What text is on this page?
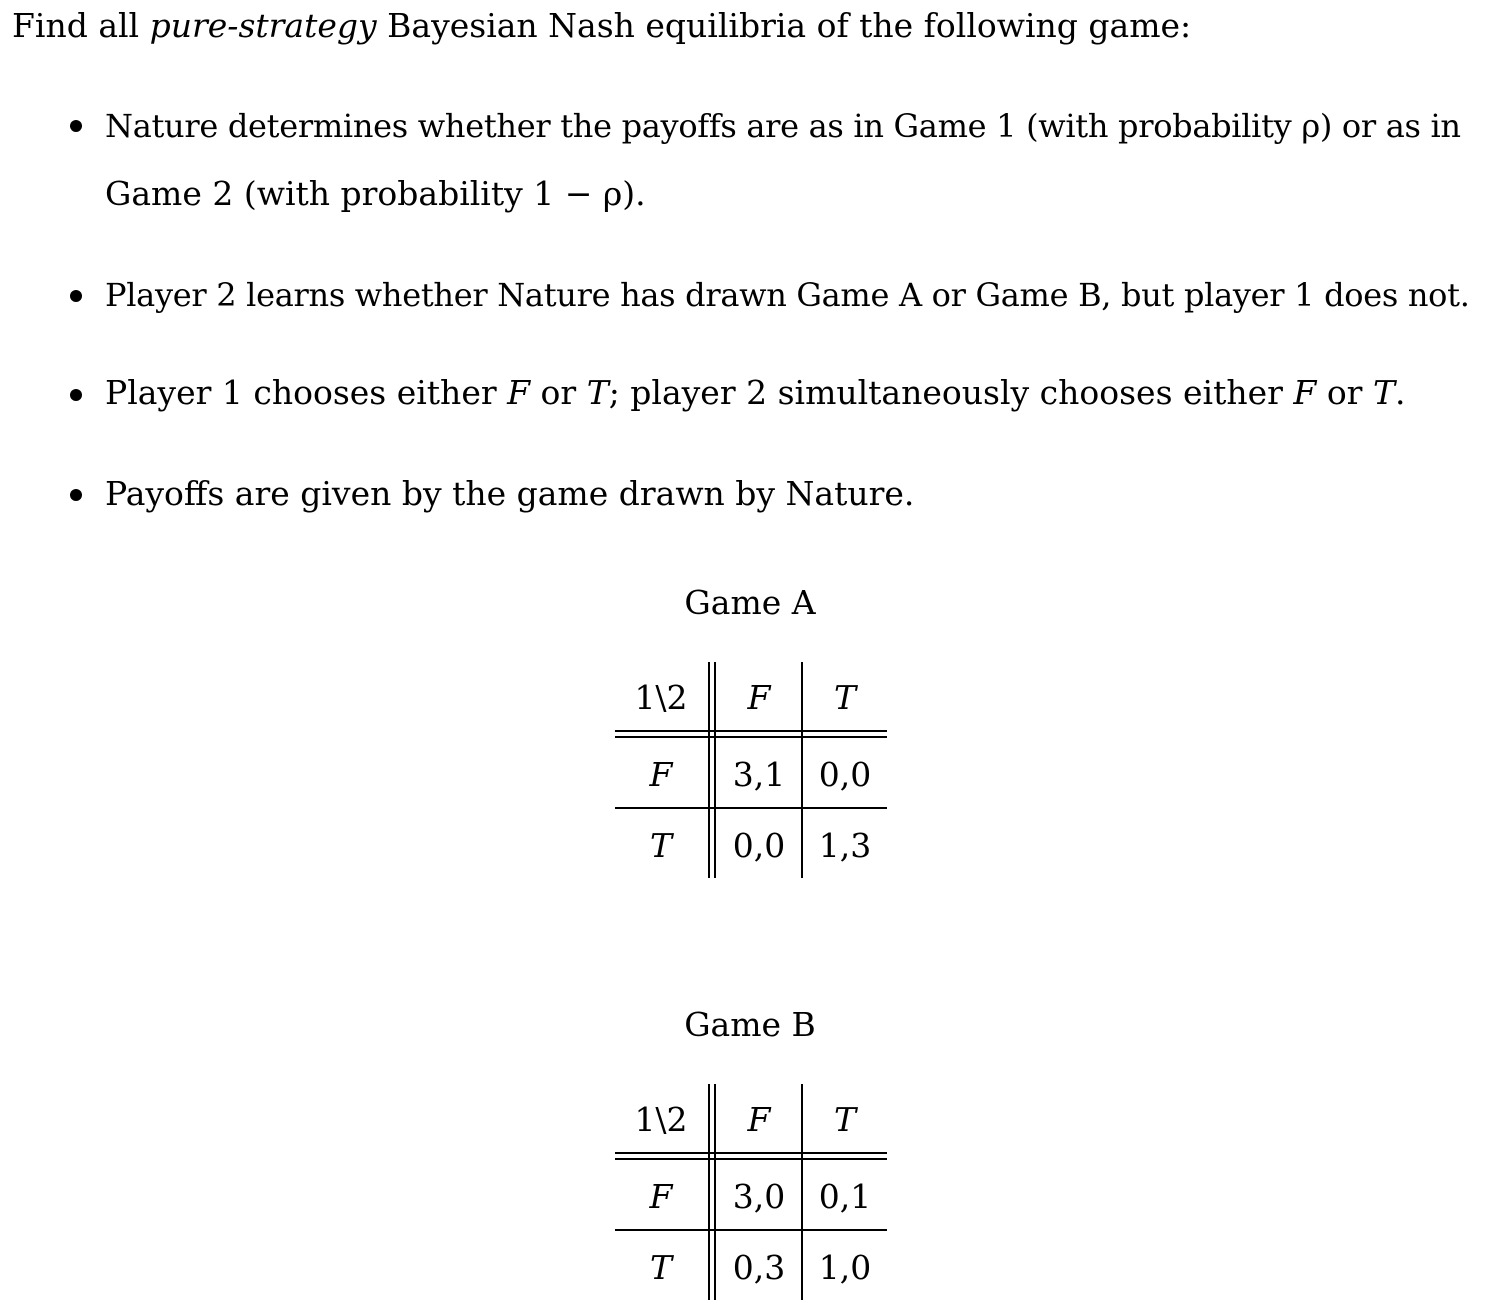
Find all pure-strategy Bayesian Nash equilibria of the following game:
Nature determines whether the payoffs are as in Game 1 (with probability ρ) or as in
Game 2 (with probability 1 − ρ).
Player 2 learns whether Nature has drawn Game A or Game B, but player 1 does not.
Player 1 chooses either F or T; player 2 simultaneously chooses either F or T.
Payoffs are given by the game drawn by Nature.
Game A
1\2	F	T
F	3,1	0,0
T	0,0	1,3
Game B
1\2	F	T
F	3,0	0,1
T	0,3	1,0
